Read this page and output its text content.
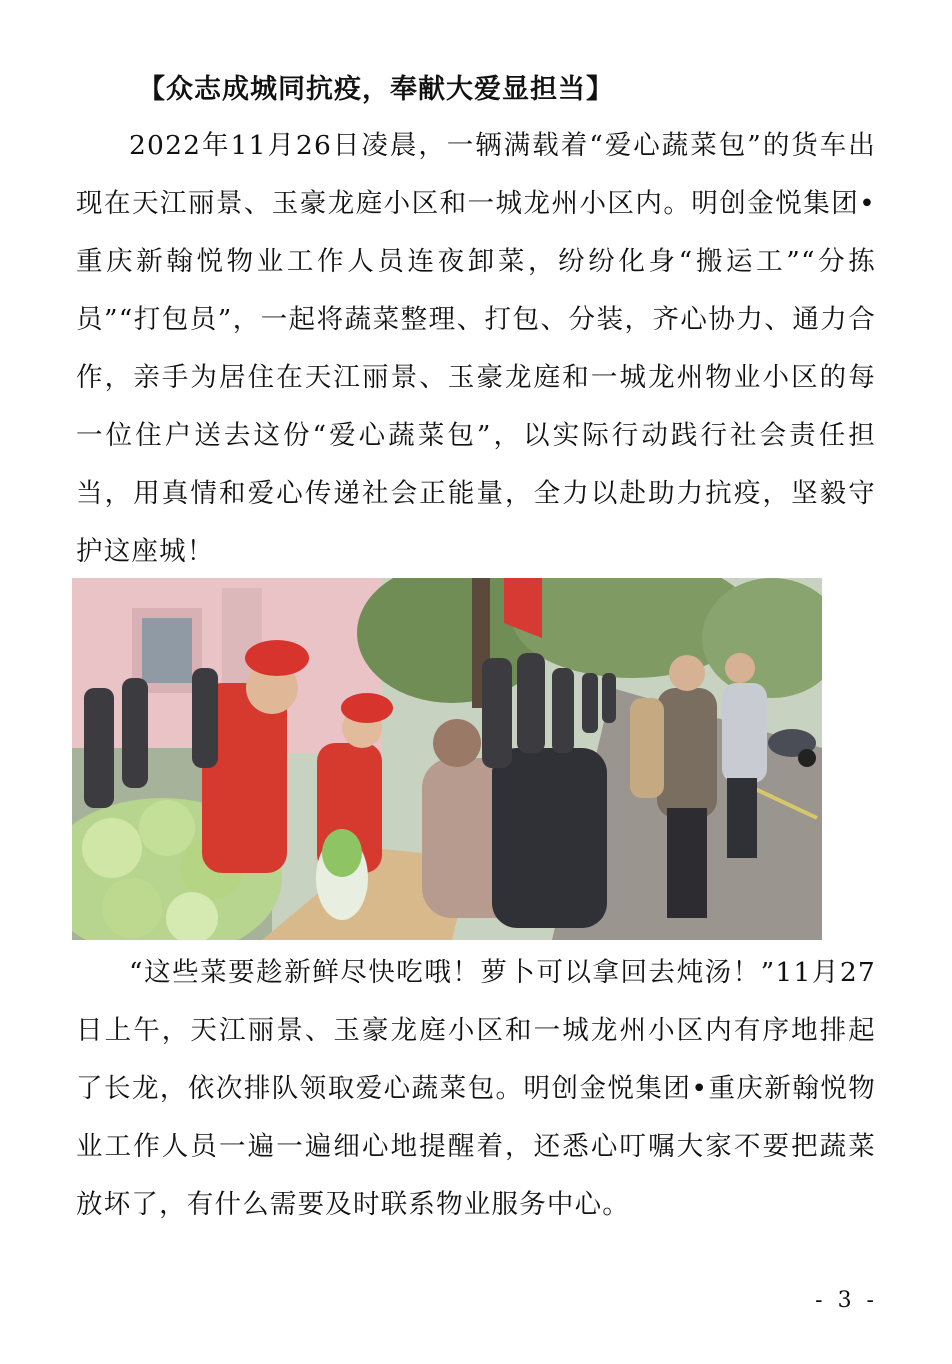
【众志成城同抗疫，奉献大爱显担当】

2022年11月26日凌晨，一辆满载着“爱心蔬菜包”的货车出现在天江丽景、玉豪龙庭小区和一城龙州小区内。明创金悦集团•重庆新翰悦物业工作人员连夜卸菜，纷纷化身“搬运工”“分拣员”“打包员”，一起将蔬菜整理、打包、分装，齐心协力、通力合作，亲手为居住在天江丽景、玉豪龙庭和一城龙州物业小区的每一位住户送去这份“爱心蔬菜包”，以实际行动践行社会责任担当，用真情和爱心传递社会正能量，全力以赴助力抗疫，坚毅守护这座城！

“这些菜要趁新鲜尽快吃哦！萝卜可以拿回去炖汤！”11月27日上午，天江丽景、玉豪龙庭小区和一城龙州小区内有序地排起了长龙，依次排队领取爱心蔬菜包。明创金悦集团•重庆新翰悦物业工作人员一遍一遍细心地提醒着，还悉心叮嘱大家不要把蔬菜放坏了，有什么需要及时联系物业服务中心。

- 3 -
